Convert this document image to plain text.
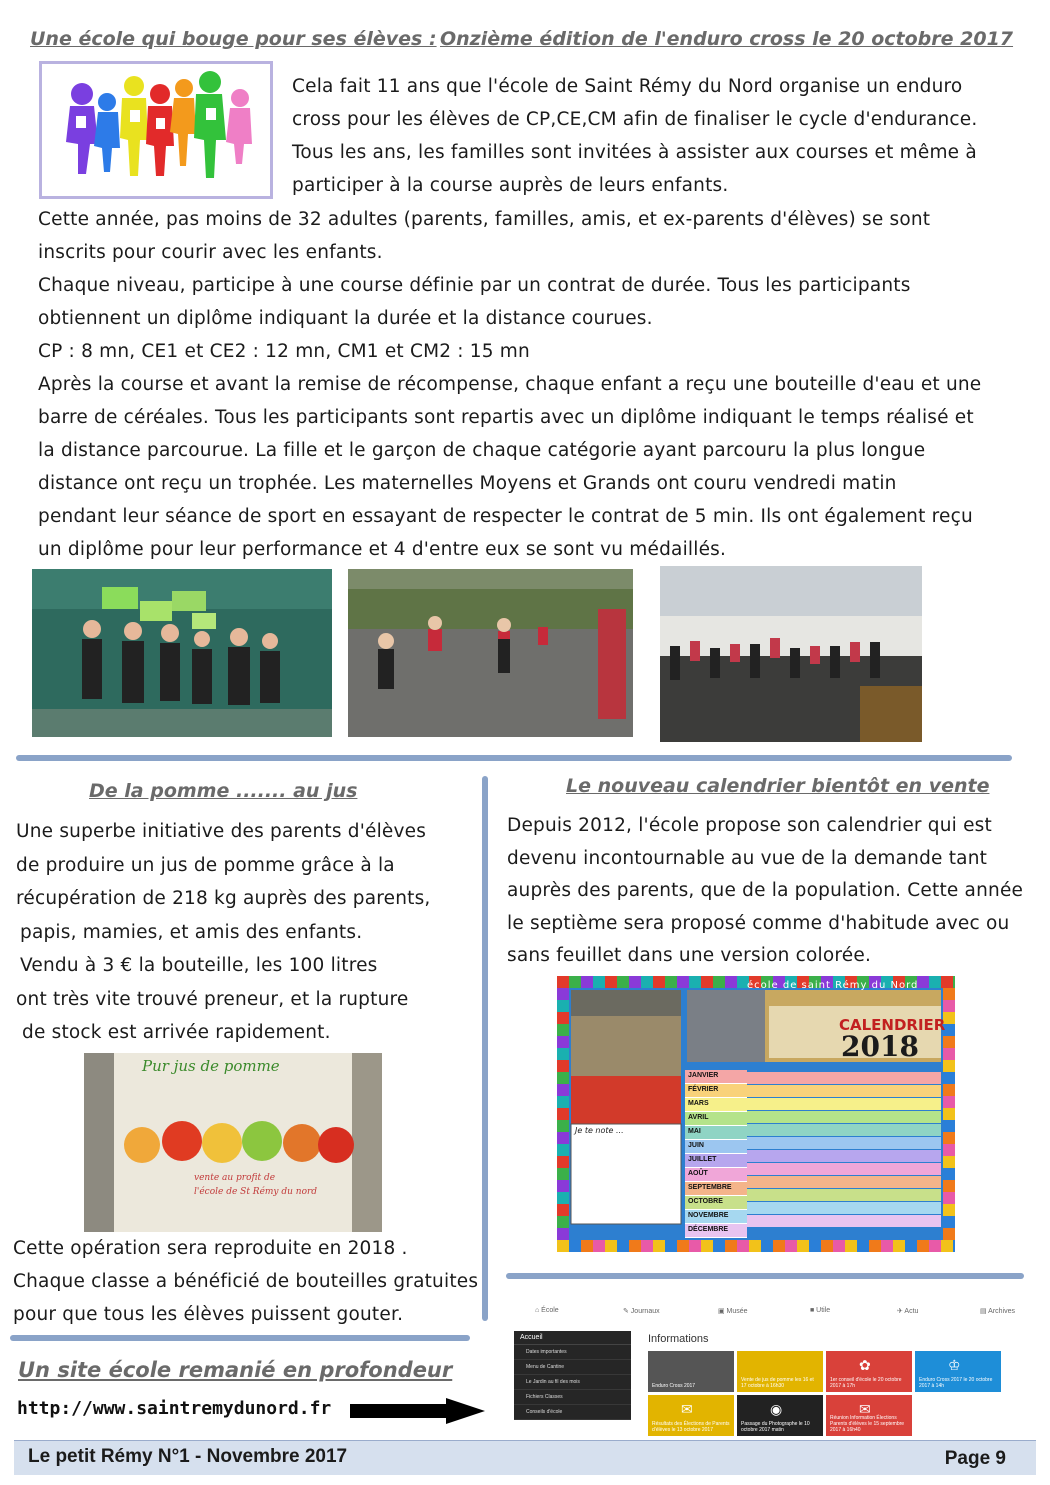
Une école qui bouge pour ses élèves : Onzième édition de l'enduro cross le 20 octobre 2017

Cela fait 11 ans que l'école de Saint Rémy du Nord organise un enduro
cross pour les élèves de CP,CE,CM afin de finaliser le cycle d'endurance.
Tous les ans, les familles sont invitées à assister aux courses et même à
participer à la course auprès de leurs enfants.

Cette année, pas moins de 32 adultes (parents, familles, amis, et ex-parents d'élèves) se sont
inscrits pour courir avec les enfants.
Chaque niveau, participe à une course définie par un contrat de durée. Tous les participants
obtiennent un diplôme indiquant la durée et la distance courues.
CP : 8 mn, CE1 et CE2 : 12 mn, CM1 et CM2 : 15 mn
Après la course et avant la remise de récompense, chaque enfant a reçu une bouteille d'eau et une
barre de céréales. Tous les participants sont repartis avec un diplôme indiquant le temps réalisé et
la distance parcourue. La fille et le garçon de chaque catégorie ayant parcouru la plus longue
distance ont reçu un trophée. Les maternelles Moyens et Grands ont couru vendredi matin
pendant leur séance de sport en essayant de respecter le contrat de 5 min. Ils ont également reçu
un diplôme pour leur performance et 4 d'entre eux se sont vu médaillés.

De la pomme ....... au jus

Une superbe initiative des parents d'élèves
de produire un jus de pomme grâce à la
récupération de 218 kg auprès des parents,
papis, mamies, et amis des enfants.
Vendu à 3 € la bouteille, les 100 litres
ont très vite trouvé preneur, et la rupture
de stock est arrivée rapidement.

Pur jus de pomme
vente au profit de
l'école de St Rémy du nord

Cette opération sera reproduite en 2018 .
Chaque classe a bénéficié de bouteilles gratuites
pour que tous les élèves puissent gouter.

Le nouveau calendrier bientôt en vente

Depuis 2012, l'école propose son calendrier qui est
devenu incontournable au vue de la demande tant
auprès des parents, que de la population. Cette année
le septième sera proposé comme d'habitude avec ou
sans feuillet dans une version colorée.

école de saint Rémy du Nord
CALENDRIER
2018
Je te note ...
JANVIER
FÉVRIER
MARS
AVRIL
MAI
JUIN
JUILLET
AOÛT
SEPTEMBRE
OCTOBRE
NOVEMBRE
DÉCEMBRE
Un site école remanié en profondeur
http://www.saintremydunord.fr
⌂ École	✎ Journaux	▣ Musée	■ Utile	✈ Actu	▤ Archives
Accueil
Dates importantes
Menu de Cantine
Le Jardin au fil des mois
Fichiers Classes
Conseils d'école
Informations
Enduro Cross 2017
Vente de jus de pomme les 16 et 17 octobre à 16h30
✿
1er conseil d'école le 20 octobre 2017 à 17h
♔
Enduro Cross 2017 le 20 octobre 2017 à 14h
✉
Résultats des Élections de Parents d'élèves le 13 octobre 2017
◉
Passage du Photographe le 10 octobre 2017 matin
✉
Réunion Information Élections Parents d'élèves le 15 septembre 2017 à 16h40
Le petit Rémy N°1 - Novembre 2017	Page 9
